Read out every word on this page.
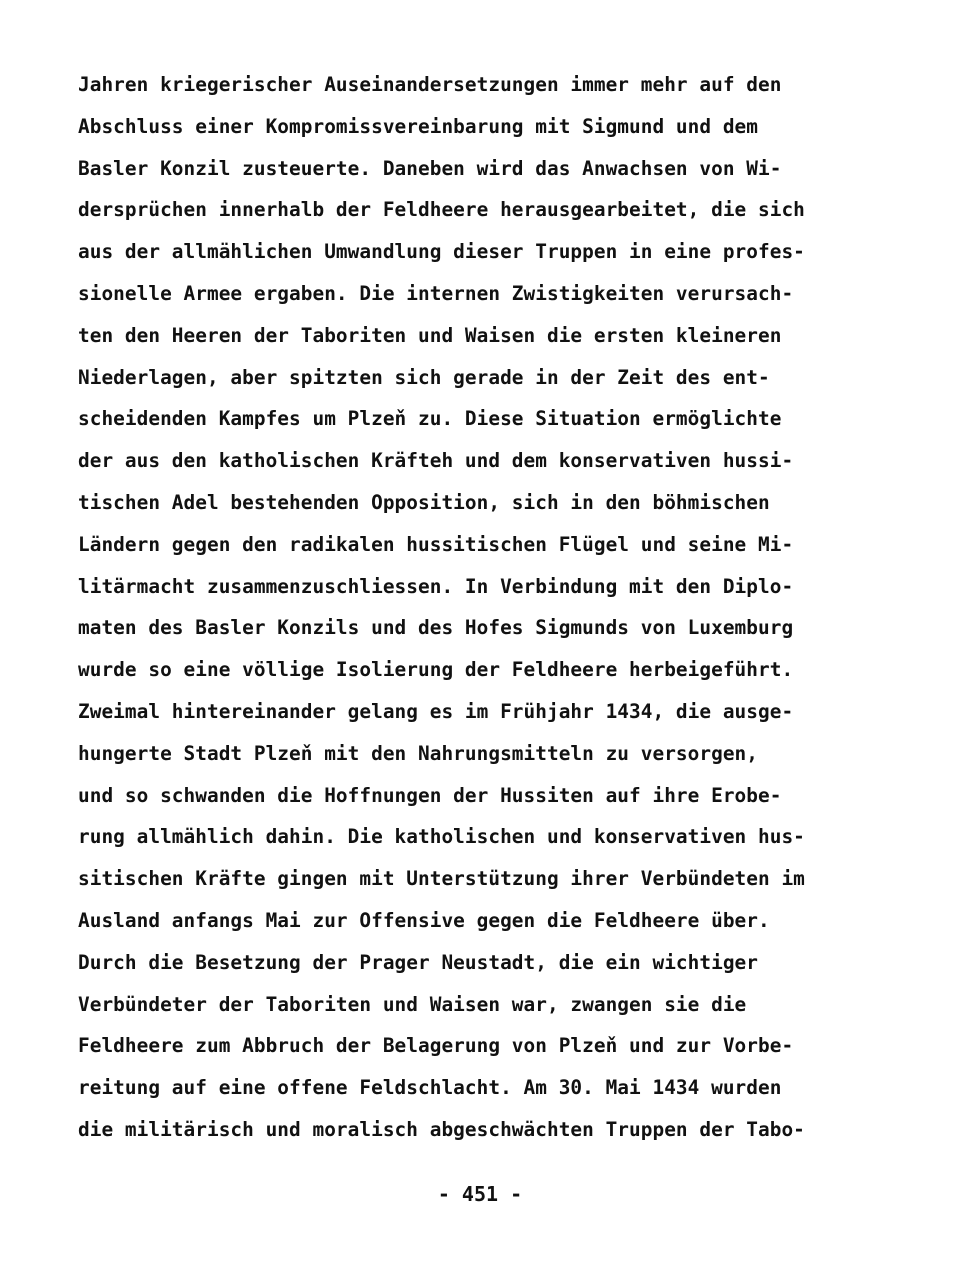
Jahren kriegerischer Auseinandersetzungen immer mehr auf den
Abschluss einer Kompromissvereinbarung mit Sigmund und dem
Basler Konzil zusteuerte. Daneben wird das Anwachsen von Wi-
dersprüchen innerhalb der Feldheere herausgearbeitet, die sich
aus der allmählichen Umwandlung dieser Truppen in eine profes-
sionelle Armee ergaben. Die internen Zwistigkeiten verursach-
ten den Heeren der Taboriten und Waisen die ersten kleineren
Niederlagen, aber spitzten sich gerade in der Zeit des ent-
scheidenden Kampfes um Plzeň zu. Diese Situation ermöglichte
der aus den katholischen Kräfteh und dem konservativen hussi-
tischen Adel bestehenden Opposition, sich in den böhmischen
Ländern gegen den radikalen hussitischen Flügel und seine Mi-
litärmacht zusammenzuschliessen. In Verbindung mit den Diplo-
maten des Basler Konzils und des Hofes Sigmunds von Luxemburg
wurde so eine völlige Isolierung der Feldheere herbeigeführt.
Zweimal hintereinander gelang es im Frühjahr 1434, die ausge-
hungerte Stadt Plzeň mit den Nahrungsmitteln zu versorgen,
und so schwanden die Hoffnungen der Hussiten auf ihre Erobe-
rung allmählich dahin. Die katholischen und konservativen hus-
sitischen Kräfte gingen mit Unterstützung ihrer Verbündeten im
Ausland anfangs Mai zur Offensive gegen die Feldheere über.
Durch die Besetzung der Prager Neustadt, die ein wichtiger
Verbündeter der Taboriten und Waisen war, zwangen sie die
Feldheere zum Abbruch der Belagerung von Plzeň und zur Vorbe-
reitung auf eine offene Feldschlacht. Am 30. Mai 1434 wurden
die militärisch und moralisch abgeschwächten Truppen der Tabo-
- 451 -
